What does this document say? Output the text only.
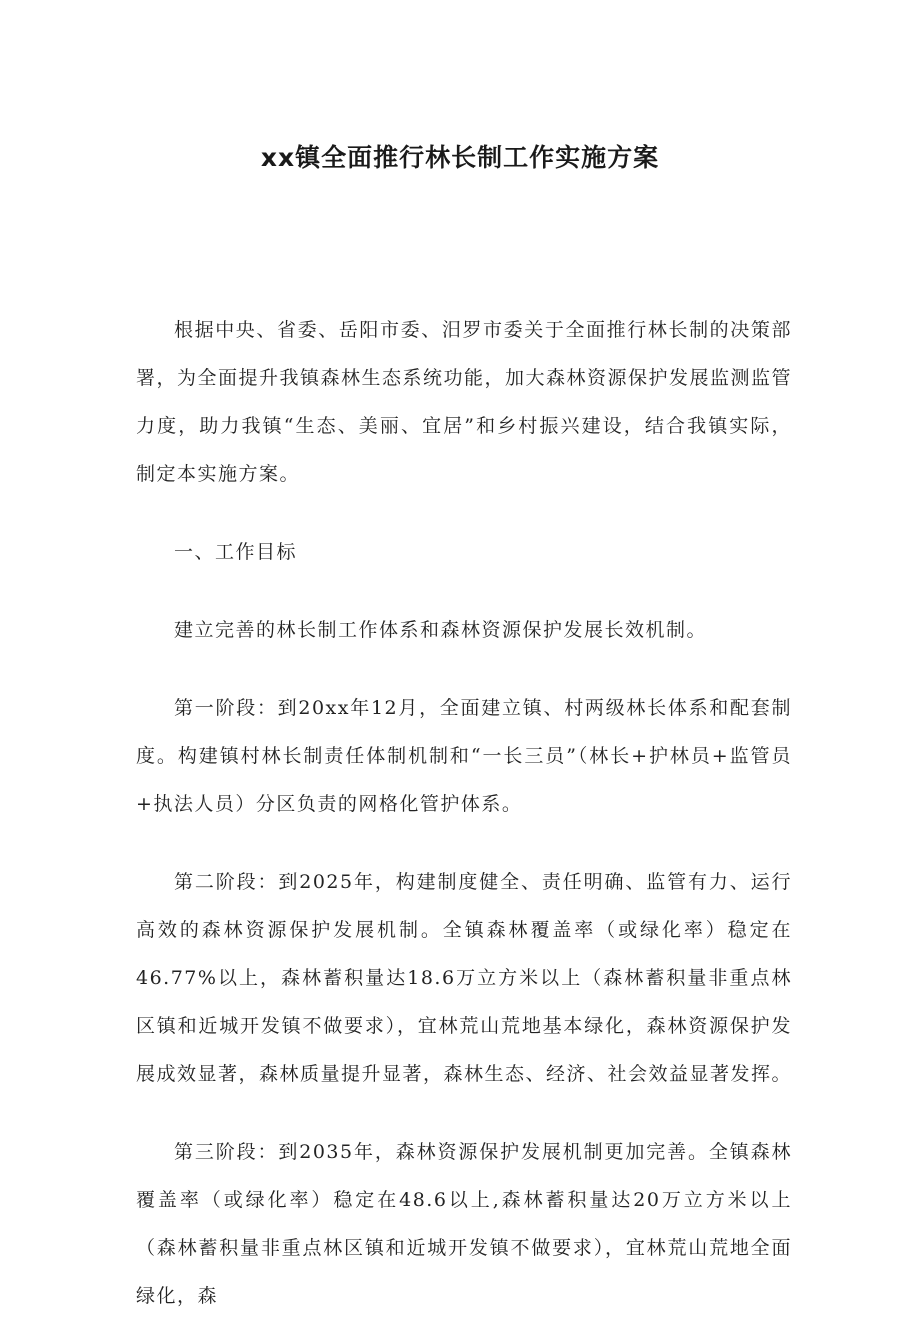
xx镇全面推行林长制工作实施方案

根据中央、省委、岳阳市委、汨罗市委关于全面推行林长制的决策部署，为全面提升我镇森林生态系统功能，加大森林资源保护发展监测监管力度，助力我镇“生态、美丽、宜居”和乡村振兴建设，结合我镇实际，制定本实施方案。

一、工作目标

建立完善的林长制工作体系和森林资源保护发展长效机制。

第一阶段：到20xx年12月，全面建立镇、村两级林长体系和配套制度。构建镇村林长制责任体制机制和“一长三员”（林长+护林员+监管员+执法人员）分区负责的网格化管护体系。

第二阶段：到2025年，构建制度健全、责任明确、监管有力、运行高效的森林资源保护发展机制。全镇森林覆盖率（或绿化率）稳定在46.77%以上，森林蓄积量达18.6万立方米以上（森林蓄积量非重点林区镇和近城开发镇不做要求），宜林荒山荒地基本绿化，森林资源保护发展成效显著，森林质量提升显著，森林生态、经济、社会效益显著发挥。

第三阶段：到2035年，森林资源保护发展机制更加完善。全镇森林覆盖率（或绿化率）稳定在48.6以上,森林蓄积量达20万立方米以上（森林蓄积量非重点林区镇和近城开发镇不做要求），宜林荒山荒地全面绿化，森
